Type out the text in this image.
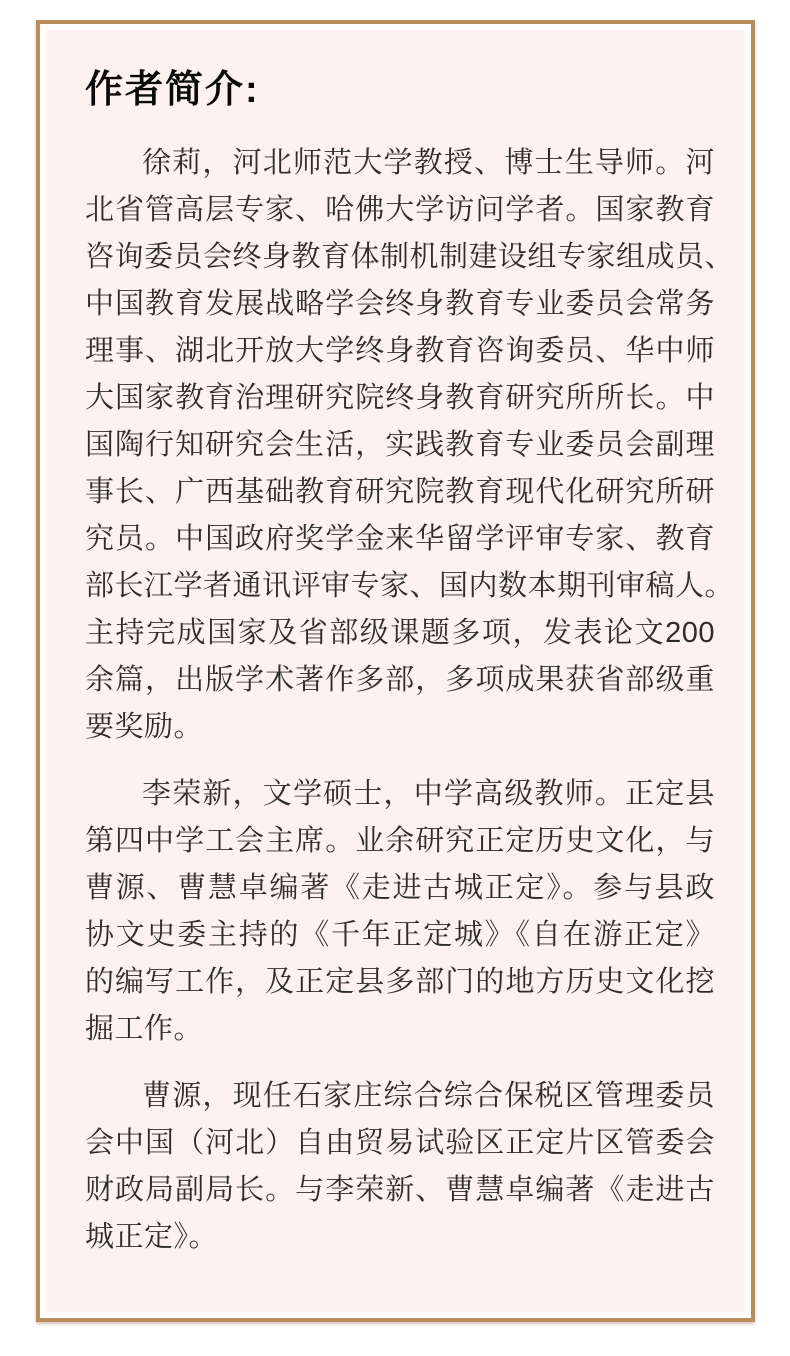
作者简介:
徐莉，河北师范大学教授、博士生导师。河
北省管高层专家、哈佛大学访问学者。国家教育
咨询委员会终身教育体制机制建设组专家组成员、
中国教育发展战略学会终身教育专业委员会常务
理事、湖北开放大学终身教育咨询委员、华中师
大国家教育治理研究院终身教育研究所所长。中
国陶行知研究会生活，实践教育专业委员会副理
事长、广西基础教育研究院教育现代化研究所研
究员。中国政府奖学金来华留学评审专家、教育
部长江学者通讯评审专家、国内数本期刊审稿人。
主持完成国家及省部级课题多项，发表论文200
余篇，出版学术著作多部，多项成果获省部级重
要奖励。
李荣新，文学硕士，中学高级教师。正定县
第四中学工会主席。业余研究正定历史文化，与
曹源、曹慧卓编著《走进古城正定》。参与县政
协文史委主持的《千年正定城》《自在游正定》
的编写工作，及正定县多部门的地方历史文化挖
掘工作。
曹源，现任石家庄综合综合保税区管理委员
会中国（河北）自由贸易试验区正定片区管委会
财政局副局长。与李荣新、曹慧卓编著《走进古
城正定》。
